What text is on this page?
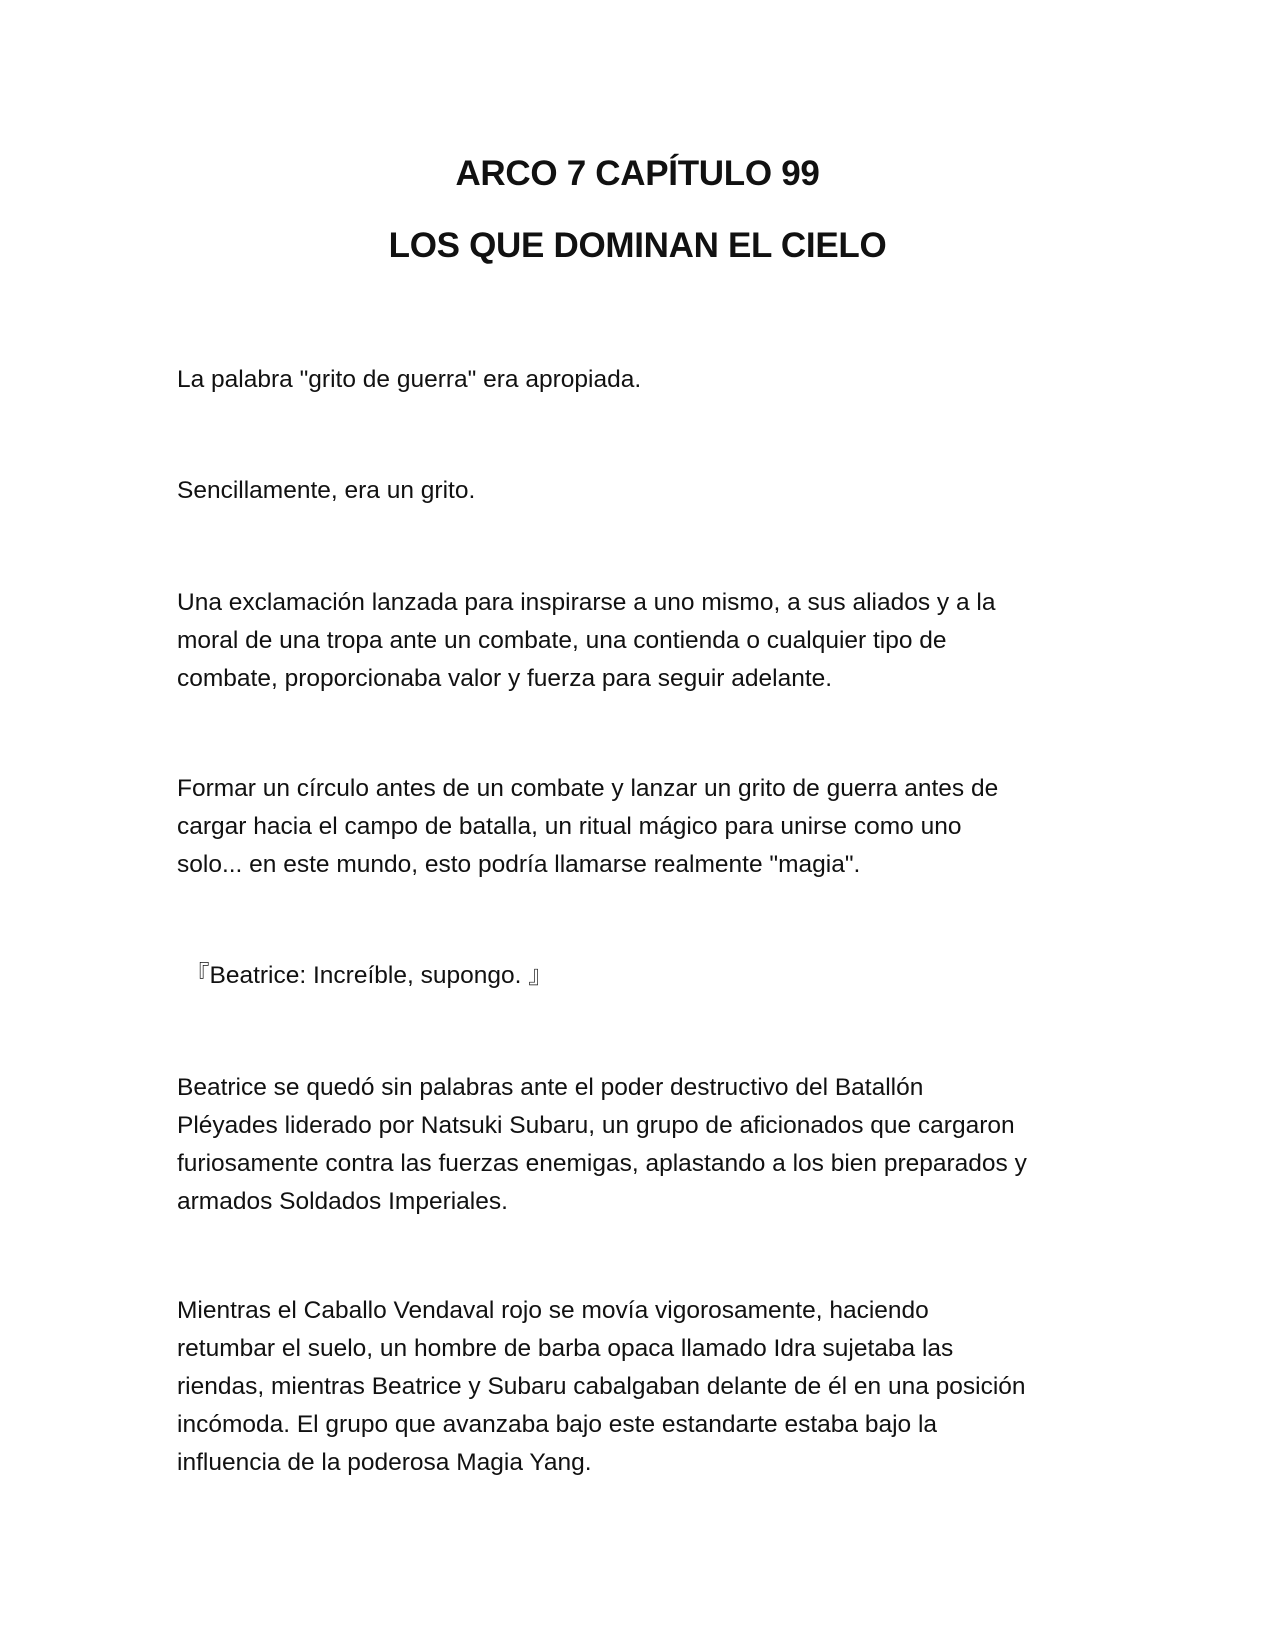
ARCO 7 CAPÍTULO 99
LOS QUE DOMINAN EL CIELO

La palabra "grito de guerra" era apropiada.

Sencillamente, era un grito.

Una exclamación lanzada para inspirarse a uno mismo, a sus aliados y a la
moral de una tropa ante un combate, una contienda o cualquier tipo de
combate, proporcionaba valor y fuerza para seguir adelante.

Formar un círculo antes de un combate y lanzar un grito de guerra antes de
cargar hacia el campo de batalla, un ritual mágico para unirse como uno
solo... en este mundo, esto podría llamarse realmente "magia".

『Beatrice: Increíble, supongo. 』

Beatrice se quedó sin palabras ante el poder destructivo del Batallón
Pléyades liderado por Natsuki Subaru, un grupo de aficionados que cargaron
furiosamente contra las fuerzas enemigas, aplastando a los bien preparados y
armados Soldados Imperiales.

Mientras el Caballo Vendaval rojo se movía vigorosamente, haciendo
retumbar el suelo, un hombre de barba opaca llamado Idra sujetaba las
riendas, mientras Beatrice y Subaru cabalgaban delante de él en una posición
incómoda. El grupo que avanzaba bajo este estandarte estaba bajo la
influencia de la poderosa Magia Yang.
